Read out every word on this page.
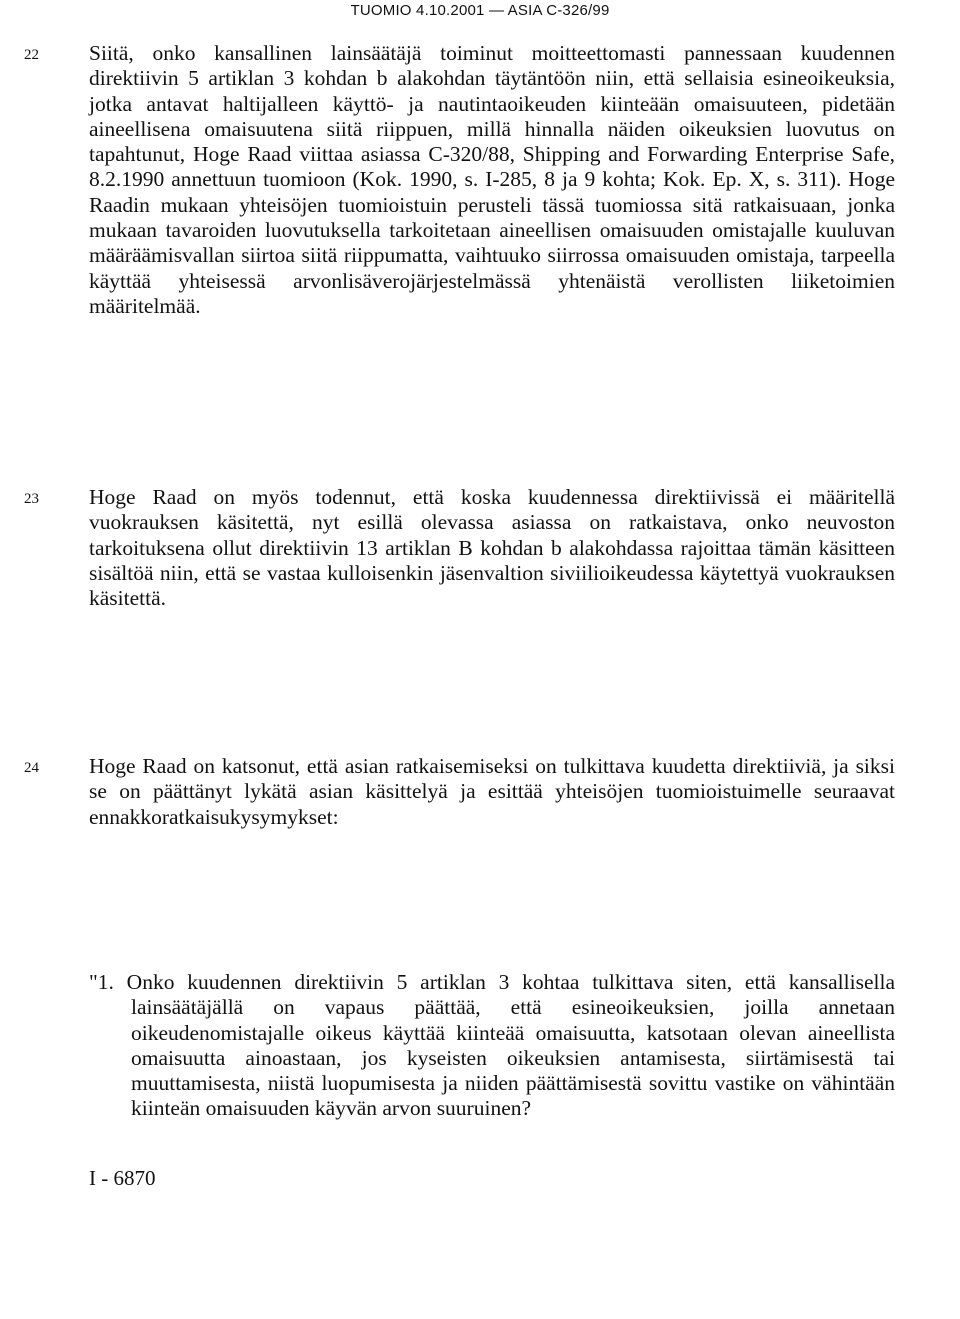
TUOMIO 4.10.2001 — ASIA C-326/99
22 Siitä, onko kansallinen lainsäätäjä toiminut moitteettomasti pannessaan kuudennen direktiivin 5 artiklan 3 kohdan b alakohdan täytäntöön niin, että sellaisia esineoikeuksia, jotka antavat haltijalleen käyttö- ja nautintaoikeuden kiinteään omaisuuteen, pidetään aineellisena omaisuutena siitä riippuen, millä hinnalla näiden oikeuksien luovutus on tapahtunut, Hoge Raad viittaa asiassa C-320/88, Shipping and Forwarding Enterprise Safe, 8.2.1990 annettuun tuomioon (Kok. 1990, s. I-285, 8 ja 9 kohta; Kok. Ep. X, s. 311). Hoge Raadin mukaan yhteisöjen tuomioistuin perusteli tässä tuomiossa sitä ratkaisuaan, jonka mukaan tavaroiden luovutuksella tarkoitetaan aineellisen omaisuuden omistajalle kuuluvan määräämisvallan siirtoa siitä riippumatta, vaihtuuko siirrossa omaisuuden omistaja, tarpeella käyttää yhteisessä arvonlisäverojärjestelmässä yhtenäistä verollisten liiketoimien määritelmää.

23 Hoge Raad on myös todennut, että koska kuudennessa direktiivissä ei määritellä vuokrauksen käsitettä, nyt esillä olevassa asiassa on ratkaistava, onko neuvoston tarkoituksena ollut direktiivin 13 artiklan B kohdan b alakohdassa rajoittaa tämän käsitteen sisältöä niin, että se vastaa kulloisenkin jäsenvaltion siviilioikeudessa käytettyä vuokrauksen käsitettä.

24 Hoge Raad on katsonut, että asian ratkaisemiseksi on tulkittava kuudetta direktiiviä, ja siksi se on päättänyt lykätä asian käsittelyä ja esittää yhteisöjen tuomioistuimelle seuraavat ennakkoratkaisukysymykset:

"1. Onko kuudennen direktiivin 5 artiklan 3 kohtaa tulkittava siten, että kansallisella lainsäätäjällä on vapaus päättää, että esineoikeuksien, joilla annetaan oikeudenomistajalle oikeus käyttää kiinteää omaisuutta, katsotaan olevan aineellista omaisuutta ainoastaan, jos kyseisten oikeuksien antamisesta, siirtämisestä tai muuttamisesta, niistä luopumisesta ja niiden päättämisestä sovittu vastike on vähintään kiinteän omaisuuden käyvän arvon suuruinen?

I - 6870
